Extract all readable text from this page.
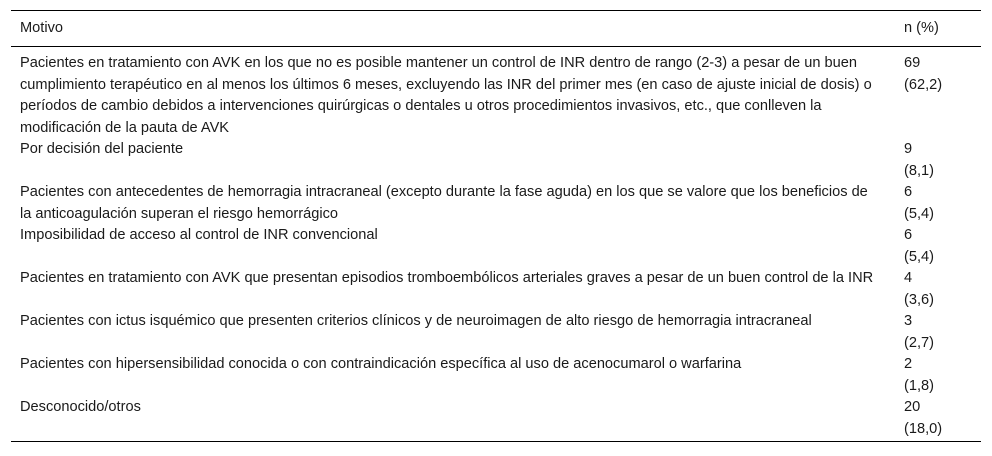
Motivo	n (%)
Pacientes en tratamiento con AVK en los que no es posible mantener un control de INR dentro de rango (2-3) a pesar de un buen cumplimiento terapéutico en al menos los últimos 6 meses, excluyendo las INR del primer mes (en caso de ajuste inicial de dosis) o períodos de cambio debidos a intervenciones quirúrgicas o dentales u otros procedimientos invasivos, etc., que conlleven la modificación de la pauta de AVK	69
(62,2)
Por decisión del paciente	9
(8,1)
Pacientes con antecedentes de hemorragia intracraneal (excepto durante la fase aguda) en los que se valore que los beneficios de la anticoagulación superan el riesgo hemorrágico	6
(5,4)
Imposibilidad de acceso al control de INR convencional	6
(5,4)
Pacientes en tratamiento con AVK que presentan episodios tromboembólicos arteriales graves a pesar de un buen control de la INR	4
(3,6)
Pacientes con ictus isquémico que presenten criterios clínicos y de neuroimagen de alto riesgo de hemorragia intracraneal	3
(2,7)
Pacientes con hipersensibilidad conocida o con contraindicación específica al uso de acenocumarol o warfarina	2
(1,8)
Desconocido/otros	20
(18,0)
